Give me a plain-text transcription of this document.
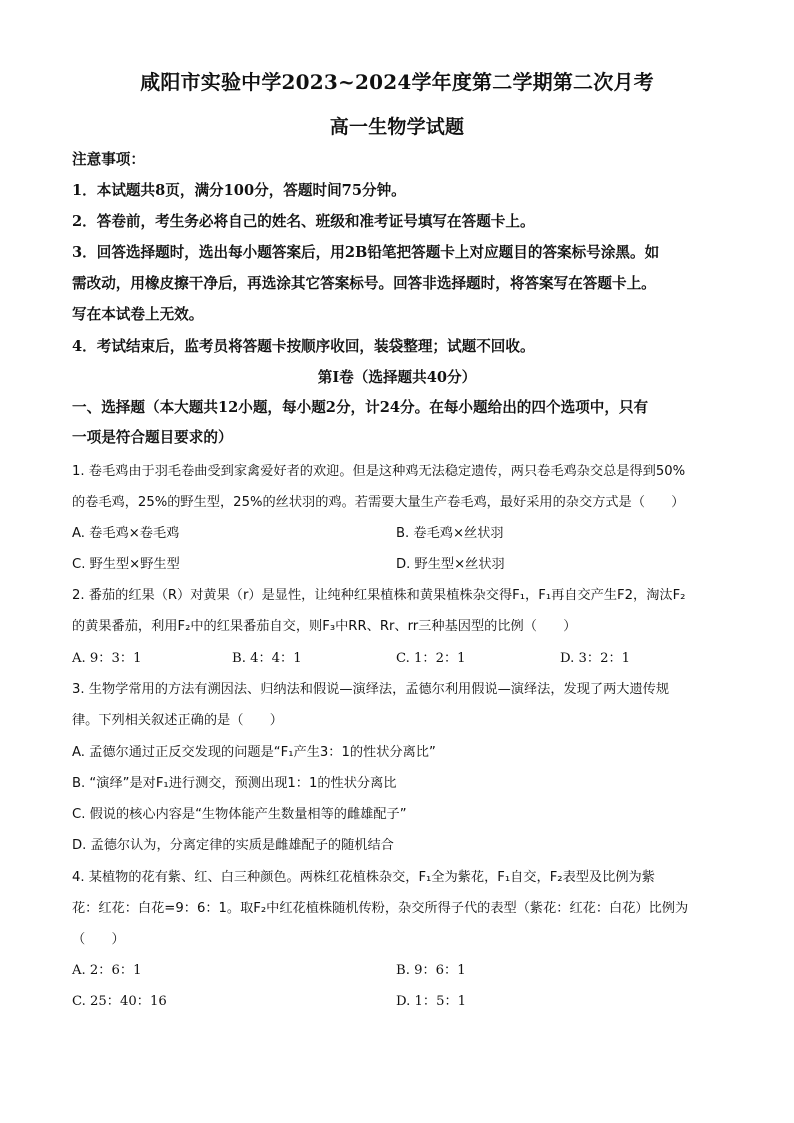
咸阳市实验中学2023~2024学年度第二学期第二次月考
高一生物学试题
注意事项：
1．本试题共8页，满分100分，答题时间75分钟。
2．答卷前，考生务必将自己的姓名、班级和准考证号填写在答题卡上。
3．回答选择题时，选出每小题答案后，用2B铅笔把答题卡上对应题目的答案标号涂黑。如
需改动，用橡皮擦干净后，再选涂其它答案标号。回答非选择题时，将答案写在答题卡上。
写在本试卷上无效。
4．考试结束后，监考员将答题卡按顺序收回，装袋整理；试题不回收。
第I卷（选择题共40分）
一、选择题（本大题共12小题，每小题2分，计24分。在每小题给出的四个选项中，只有
一项是符合题目要求的）
1. 卷毛鸡由于羽毛卷曲受到家禽爱好者的欢迎。但是这种鸡无法稳定遗传，两只卷毛鸡杂交总是得到50%
的卷毛鸡，25%的野生型，25%的丝状羽的鸡。若需要大量生产卷毛鸡，最好采用的杂交方式是（　　）
A. 卷毛鸡×卷毛鸡	B. 卷毛鸡×丝状羽
C. 野生型×野生型	D. 野生型×丝状羽
2. 番茄的红果（R）对黄果（r）是显性，让纯种红果植株和黄果植株杂交得F₁，F₁再自交产生F2，淘汰F₂
的黄果番茄，利用F₂中的红果番茄自交，则F₃中RR、Rr、rr三种基因型的比例（　　）
A. 9：3：1	B. 4：4：1	C. 1：2：1	D. 3：2：1
3. 生物学常用的方法有溯因法、归纳法和假说—演绎法，孟德尔利用假说—演绎法，发现了两大遗传规
律。下列相关叙述正确的是（　　）
A. 孟德尔通过正反交发现的问题是“F₁产生3：1的性状分离比”
B. “演绎”是对F₁进行测交，预测出现1：1的性状分离比
C. 假说的核心内容是“生物体能产生数量相等的雌雄配子”
D. 孟德尔认为，分离定律的实质是雌雄配子的随机结合
4. 某植物的花有紫、红、白三种颜色。两株红花植株杂交，F₁全为紫花，F₁自交，F₂表型及比例为紫
花：红花：白花=9：6：1。取F₂中红花植株随机传粉，杂交所得子代的表型（紫花：红花：白花）比例为
（　　）
A. 2：6：1	B. 9：6：1
C. 25：40：16	D. 1：5：1
